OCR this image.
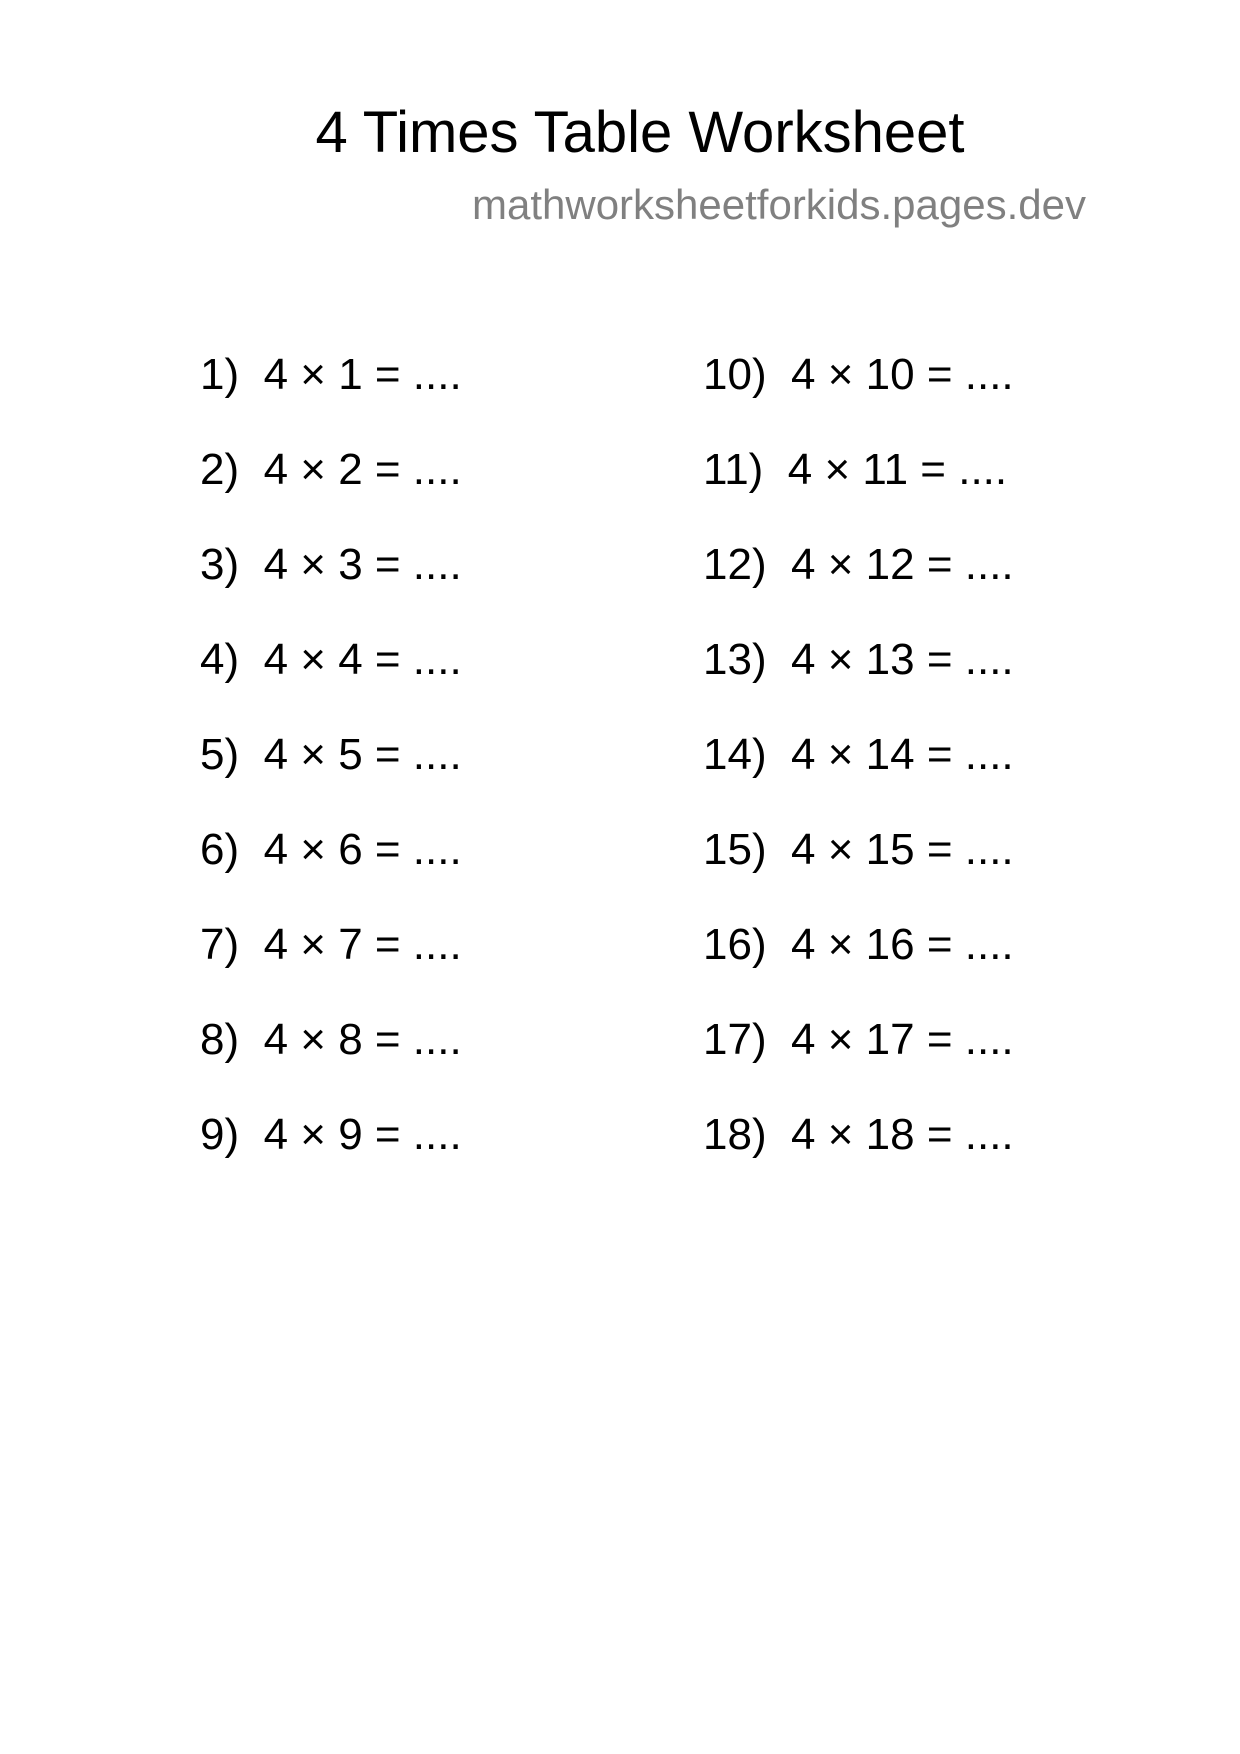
4 Times Table Worksheet
mathworksheetforkids.pages.dev
1)  4 × 1 = ....
2)  4 × 2 = ....
3)  4 × 3 = ....
4)  4 × 4 = ....
5)  4 × 5 = ....
6)  4 × 6 = ....
7)  4 × 7 = ....
8)  4 × 8 = ....
9)  4 × 9 = ....
10)  4 × 10 = ....
11)  4 × 11 = ....
12)  4 × 12 = ....
13)  4 × 13 = ....
14)  4 × 14 = ....
15)  4 × 15 = ....
16)  4 × 16 = ....
17)  4 × 17 = ....
18)  4 × 18 = ....
